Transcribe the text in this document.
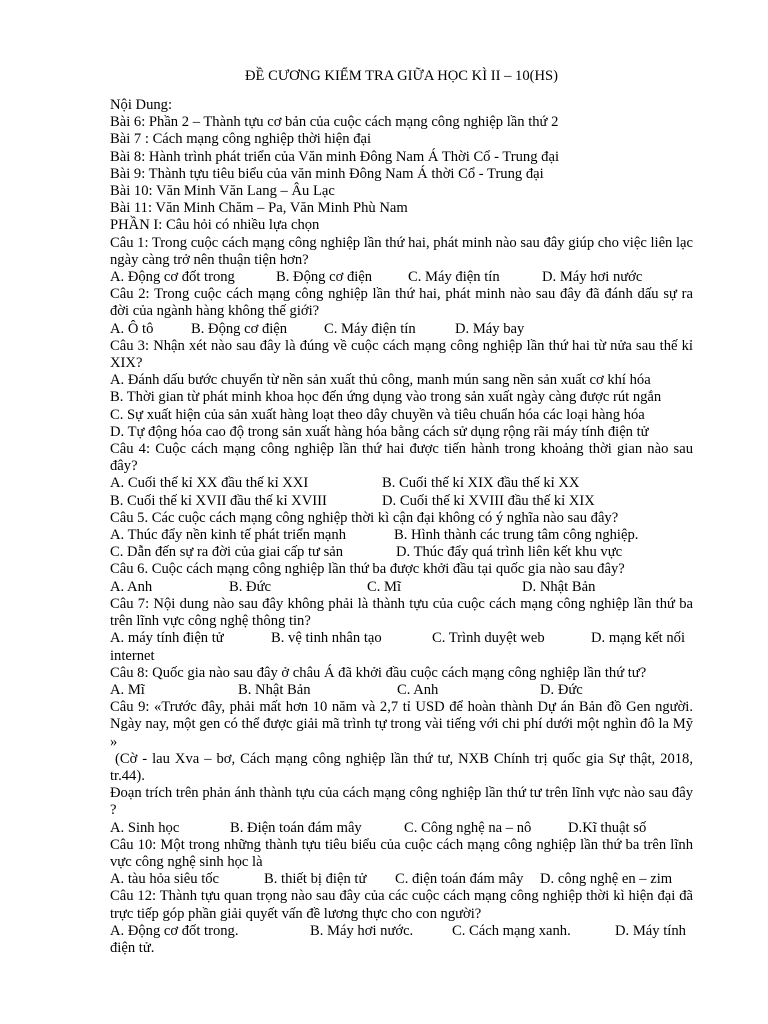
ĐỀ CƯƠNG KIỂM TRA GIỮA HỌC KÌ II – 10(HS)

Nội Dung:

Bài 6: Phần 2 – Thành tựu cơ bản của cuộc cách mạng công nghiệp lần thứ 2

Bài 7 : Cách mạng công nghiệp thời hiện đại

Bài 8: Hành trình phát triển của Văn minh Đông Nam Á Thời Cổ - Trung đại

Bài 9: Thành tựu tiêu biểu của văn minh Đông Nam Á thời Cổ - Trung đại

Bài 10: Văn Minh Văn Lang – Âu Lạc

Bài 11: Văn Minh Chăm – Pa, Văn Minh Phù Nam

PHẦN I: Câu hỏi có nhiều lựa chọn

Câu 1: Trong cuộc cách mạng công nghiệp lần thứ hai, phát minh nào sau đây giúp cho việc liên lạc ngày càng trở nên thuận tiện hơn?

A. Động cơ đốt trong	B. Động cơ điện	C. Máy điện tín	D. Máy hơi nước

Câu 2: Trong cuộc cách mạng công nghiệp lần thứ hai, phát minh nào sau đây đã đánh dấu sự ra đời của ngành hàng không thế giới?

A. Ô tô	B. Động cơ điện	C. Máy điện tín	D. Máy bay

Câu 3: Nhận xét nào sau đây là đúng về cuộc cách mạng công nghiệp lần thứ hai từ nửa sau thế kỉ XIX?

A. Đánh dấu bước chuyển từ nền sản xuất thủ công, manh mún sang nền sản xuất cơ khí hóa

B. Thời gian từ phát minh khoa học đến ứng dụng vào trong sản xuất ngày càng được rút ngắn

C. Sự xuất hiện của sản xuất hàng loạt theo dây chuyền và tiêu chuẩn hóa các loại hàng hóa

D. Tự động hóa cao độ trong sản xuất hàng hóa bằng cách sử dụng rộng rãi máy tính điện tử

Câu 4: Cuộc cách mạng công nghiệp lần thứ hai được tiến hành trong khoảng thời gian nào sau đây?

A. Cuối thế kỉ XX đầu thế kỉ XXI	B. Cuối thế kỉ XIX đầu thế kỉ XX
B. Cuối thế kỉ XVII đầu thế kỉ XVIII	D. Cuối thế kỉ XVIII đầu thế kỉ XIX

Câu 5. Các cuộc cách mạng công nghiệp thời kì cận đại không có ý nghĩa nào sau đây?

A. Thúc đẩy nền kinh tế phát triển mạnh	B. Hình thành các trung tâm công nghiệp.
C. Dẫn đến sự ra đời của giai cấp tư sản	D. Thúc đẩy quá trình liên kết khu vực

Câu 6. Cuộc cách mạng công nghiệp lần thứ ba được khởi đầu tại quốc gia nào sau đây?

A. Anh	B. Đức	C. Mĩ	D. Nhật Bản

Câu 7: Nội dung nào sau đây không phải là thành tựu của cuộc cách mạng công nghiệp lần thứ ba trên lĩnh vực công nghệ thông tin?

A. máy tính điện tử	B. vệ tinh nhân tạo	C. Trình duyệt web	D. mạng kết nối

internet

Câu 8: Quốc gia nào sau đây ở châu Á đã khởi đầu cuộc cách mạng công nghiệp lần thứ tư?

A. Mĩ	B. Nhật Bản	C. Anh	D. Đức

Câu 9: «Trước đây, phải mất hơn 10 năm và 2,7 tỉ USD để hoàn thành Dự án Bản đồ Gen người. Ngày nay, một gen có thể được giải mã trình tự trong vài tiếng với chi phí dưới một nghìn đô la Mỹ »

(Cờ - lau Xva – bơ, Cách mạng công nghiệp lần thứ tư, NXB Chính trị quốc gia Sự thật, 2018, tr.44).

Đoạn trích trên phản ánh thành tựu của cách mạng công nghiệp lần thứ tư trên lĩnh vực nào sau đây ?

A. Sinh học	B. Điện toán đám mây	C. Công nghệ na – nô	D.Kĩ thuật số

Câu 10: Một trong những thành tựu tiêu biểu của cuộc cách mạng công nghiệp lần thứ ba trên lĩnh vực công nghệ sinh học là

A. tàu hỏa siêu tốc	B. thiết bị điện tử	C. điện toán đám mây	D. công nghệ en – zim

Câu 12: Thành tựu quan trọng nào sau đây của các cuộc cách mạng công nghiệp thời kì hiện đại đã trực tiếp góp phần giải quyết vấn đề lương thực cho con người?

A. Động cơ đốt trong.	B. Máy hơi nước.	C. Cách mạng xanh.	D. Máy tính

điện tử.
